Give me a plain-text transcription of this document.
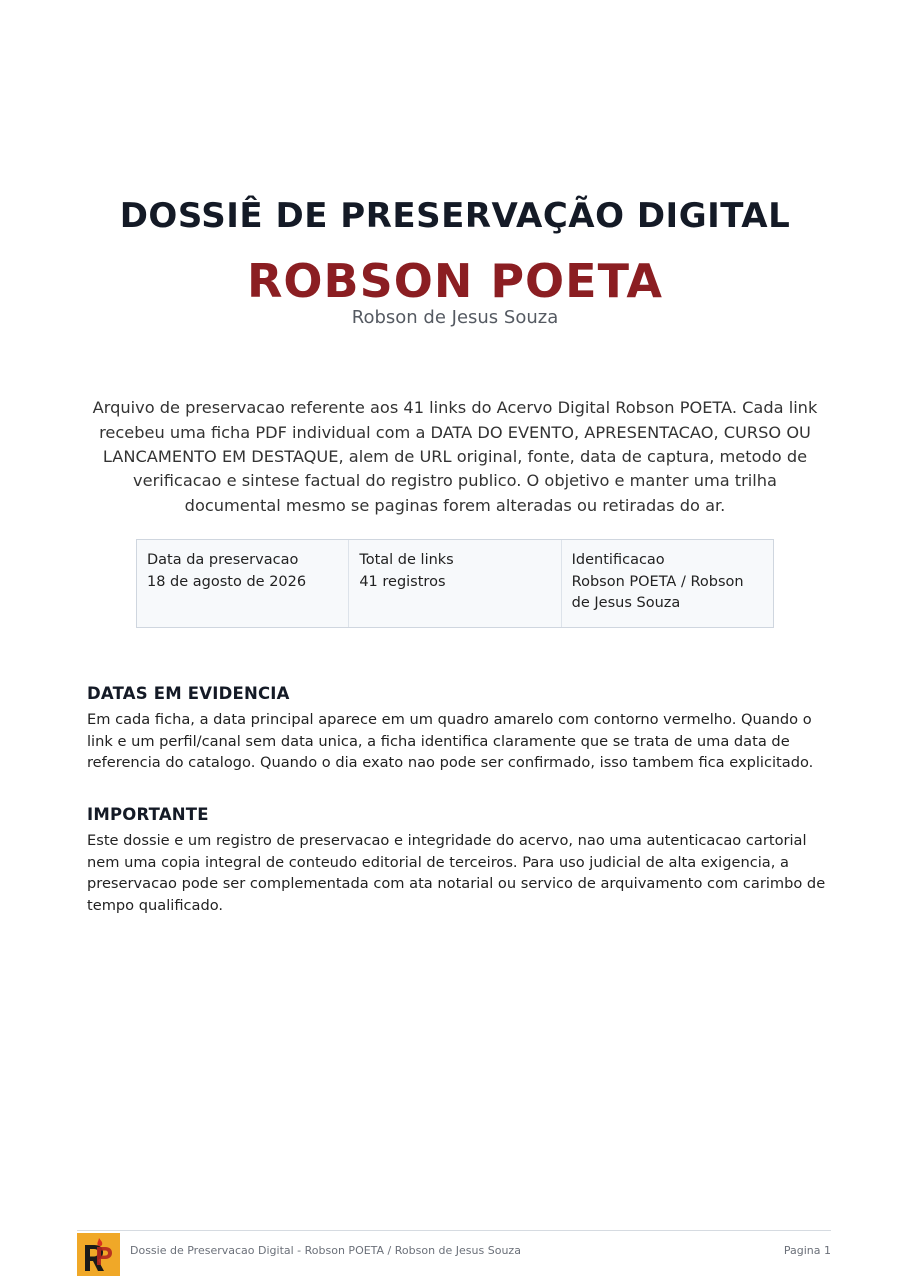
DOSSIÊ DE PRESERVAÇÃO DIGITAL
ROBSON POETA
Robson de Jesus Souza

Arquivo de preservacao referente aos 41 links do Acervo Digital Robson POETA. Cada link recebeu uma ficha PDF individual com a DATA DO EVENTO, APRESENTACAO, CURSO OU LANCAMENTO EM DESTAQUE, alem de URL original, fonte, data de captura, metodo de verificacao e sintese factual do registro publico. O objetivo e manter uma trilha documental mesmo se paginas forem alteradas ou retiradas do ar.

Data da preservacao
18 de agosto de 2026
Total de links
41 registros
Identificacao
Robson POETA / Robson de Jesus Souza
DATAS EM EVIDENCIA

Em cada ficha, a data principal aparece em um quadro amarelo com contorno vermelho. Quando o link e um perfil/canal sem data unica, a ficha identifica claramente que se trata de uma data de referencia do catalogo. Quando o dia exato nao pode ser confirmado, isso tambem fica explicitado.

IMPORTANTE

Este dossie e um registro de preservacao e integridade do acervo, nao uma autenticacao cartorial nem uma copia integral de conteudo editorial de terceiros. Para uso judicial de alta exigencia, a preservacao pode ser complementada com ata notarial ou servico de arquivamento com carimbo de tempo qualificado.

Dossie de Preservacao Digital - Robson POETA / Robson de Jesus Souza	Pagina 1
